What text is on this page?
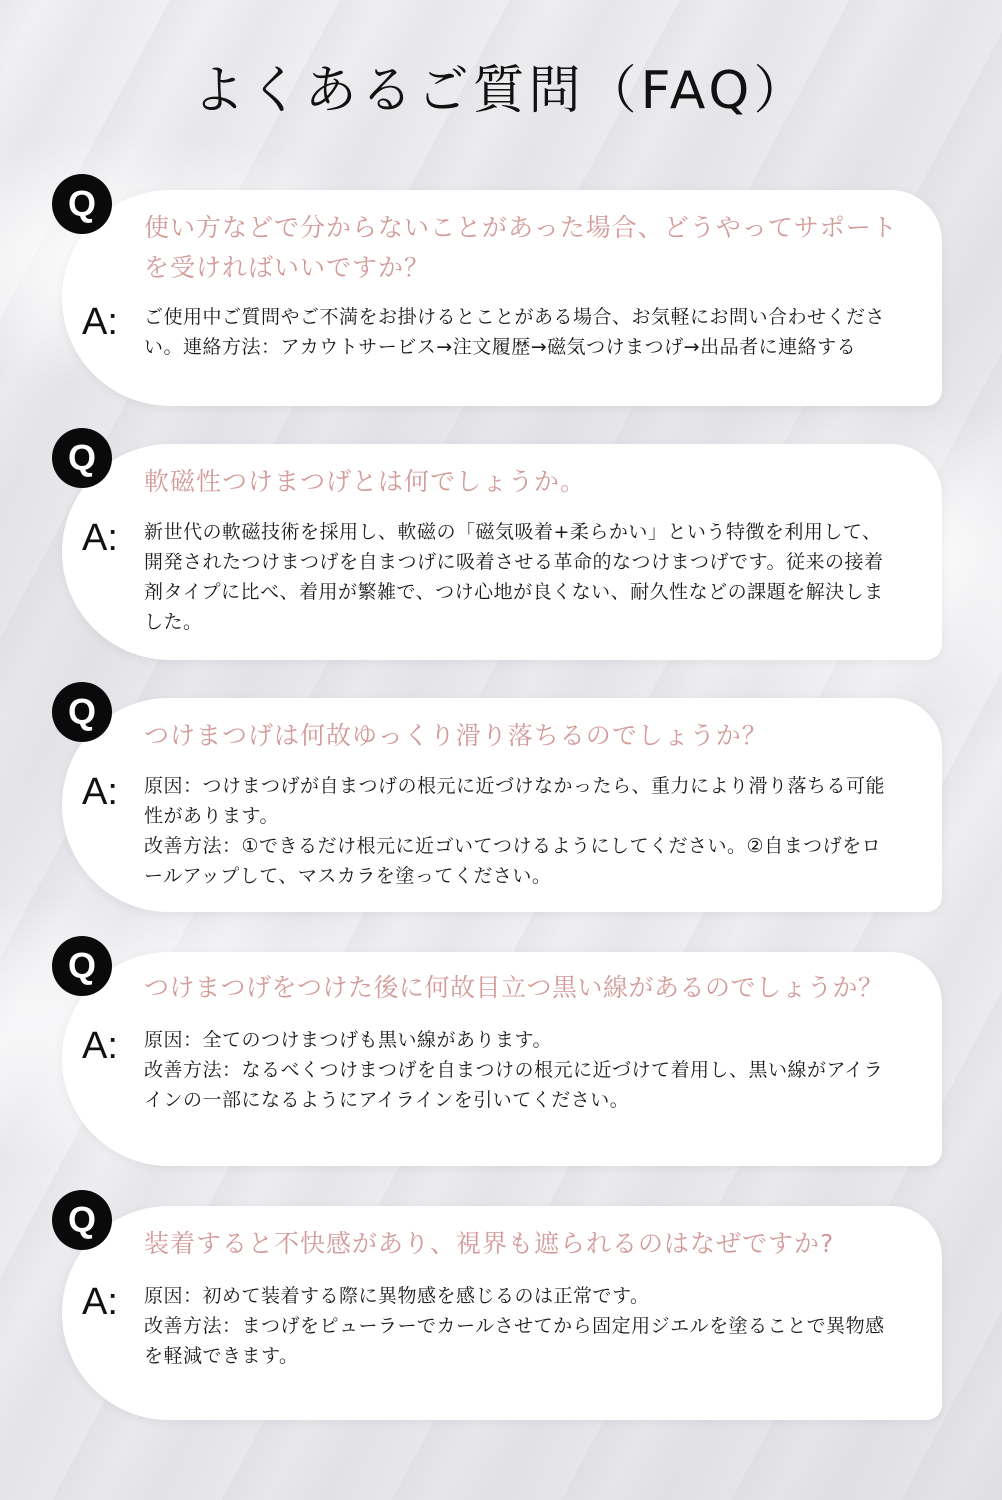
よくあるご質問（FAQ）
Q
使い方などで分からないことがあった場合、どうやってサポートを受ければいいですか？
A: ご使用中ご質問やご不満をお掛けるとことがある場合、お気軽にお問い合わせください。連絡方法：アカウトサービス→注文履歴→磁気つけまつげ→出品者に連絡する
Q
軟磁性つけまつげとは何でしょうか。
A: 新世代の軟磁技術を採用し、軟磁の「磁気吸着+柔らかい」という特徴を利用して、開発されたつけまつげを自まつげに吸着させる革命的なつけまつげです。従来の接着剤タイプに比べ、着用が繁雑で、つけ心地が良くない、耐久性などの課題を解決しました。
Q
つけまつげは何故ゆっくり滑り落ちるのでしょうか？
A: 原因：つけまつげが自まつげの根元に近づけなかったら、重力により滑り落ちる可能性があります。
改善方法：①できるだけ根元に近ゴいてつけるようにしてください。②自まつげをロールアップして、マスカラを塗ってください。
Q
つけまつげをつけた後に何故目立つ黒い線があるのでしょうか？
A: 原因：全てのつけまつげも黒い線があります。
改善方法：なるべくつけまつげを自まつけの根元に近づけて着用し、黒い線がアイラインの一部になるようにアイラインを引いてください。
Q
装着すると不快感があり、視界も遮られるのはなぜですか?
A: 原因：初めて装着する際に異物感を感じるのは正常です。
改善方法：まつげをピューラーでカールさせてから固定用ジエルを塗ることで異物感を軽減できます。
